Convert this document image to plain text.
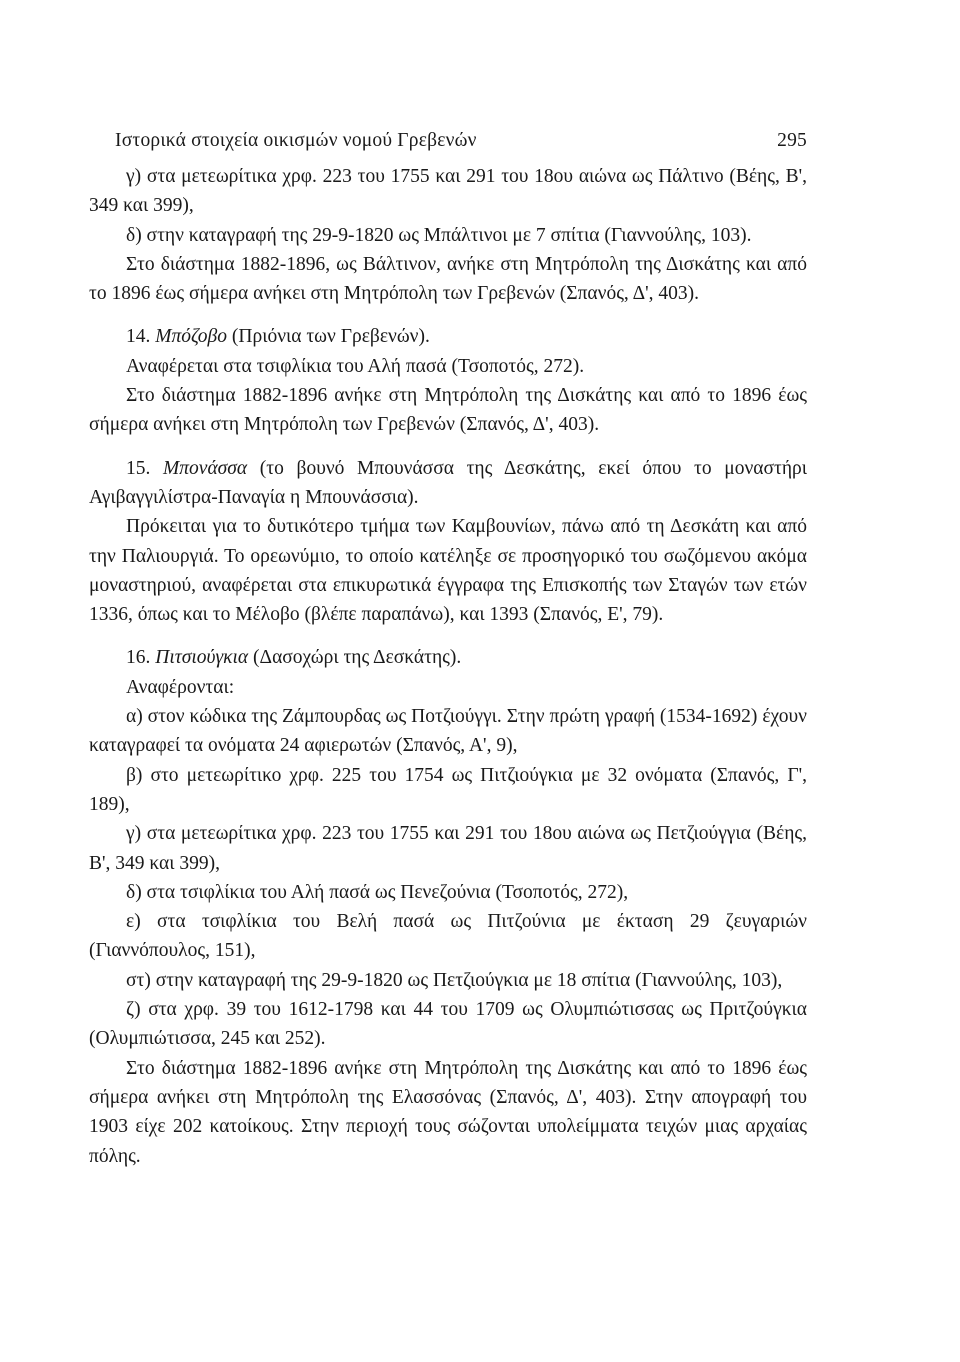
Ιστορικά στοιχεία οικισμών νομού Γρεβενών	295

γ) στα μετεωρίτικα χρφ. 223 του 1755 και 291 του 18ου αιώνα ως Πάλτινο (Βέης, Β', 349 και 399),

δ) στην καταγραφή της 29-9-1820 ως Μπάλτινοι με 7 σπίτια (Γιαννούλης, 103).

Στο διάστημα 1882-1896, ως Βάλτινον, ανήκε στη Μητρόπολη της Δισκάτης και από το 1896 έως σήμερα ανήκει στη Μητρόπολη των Γρεβενών (Σπανός, Δ', 403).

14. Μπόζοβο (Πριόνια των Γρεβενών).

Αναφέρεται στα τσιφλίκια του Αλή πασά (Τσοποτός, 272).

Στο διάστημα 1882-1896 ανήκε στη Μητρόπολη της Δισκάτης και από το 1896 έως σήμερα ανήκει στη Μητρόπολη των Γρεβενών (Σπανός, Δ', 403).

15. Μπονάσσα (το βουνό Μπουνάσσα της Δεσκάτης, εκεί όπου το μοναστήρι Αγιβαγγιλίστρα-Παναγία η Μπουνάσσια).

Πρόκειται για το δυτικότερο τμήμα των Καμβουνίων, πάνω από τη Δεσκάτη και από την Παλιουργιά. Το ορεωνύμιο, το οποίο κατέληξε σε προσηγορικό του σωζόμενου ακόμα μοναστηριού, αναφέρεται στα επικυρωτικά έγγραφα της Επισκοπής των Σταγών των ετών 1336, όπως και το Μέλοβο (βλέπε παραπάνω), και 1393 (Σπανός, Ε', 79).

16. Πιτσιούγκια (Δασοχώρι της Δεσκάτης).

Αναφέρονται:

α) στον κώδικα της Ζάμπουρδας ως Ποτζιούγγι. Στην πρώτη γραφή (1534-1692) έχουν καταγραφεί τα ονόματα 24 αφιερωτών (Σπανός, Α', 9),

β) στο μετεωρίτικο χρφ. 225 του 1754 ως Πιτζιούγκια με 32 ονόματα (Σπανός, Γ', 189),

γ) στα μετεωρίτικα χρφ. 223 του 1755 και 291 του 18ου αιώνα ως Πετζιούγγια (Βέης, Β', 349 και 399),

δ) στα τσιφλίκια του Αλή πασά ως Πενεζούνια (Τσοποτός, 272),

ε) στα τσιφλίκια του Βελή πασά ως Πιτζούνια με έκταση 29 ζευγαριών (Γιαννόπουλος, 151),

στ) στην καταγραφή της 29-9-1820 ως Πετζιούγκια με 18 σπίτια (Γιαννούλης, 103),

ζ) στα χρφ. 39 του 1612-1798 και 44 του 1709 ως Ολυμπιώτισσας ως Πριτζούγκια (Ολυμπιώτισσα, 245 και 252).

Στο διάστημα 1882-1896 ανήκε στη Μητρόπολη της Δισκάτης και από το 1896 έως σήμερα ανήκει στη Μητρόπολη της Ελασσόνας (Σπανός, Δ', 403). Στην απογραφή του 1903 είχε 202 κατοίκους. Στην περιοχή τους σώζονται υπολείμματα τειχών μιας αρχαίας πόλης.
